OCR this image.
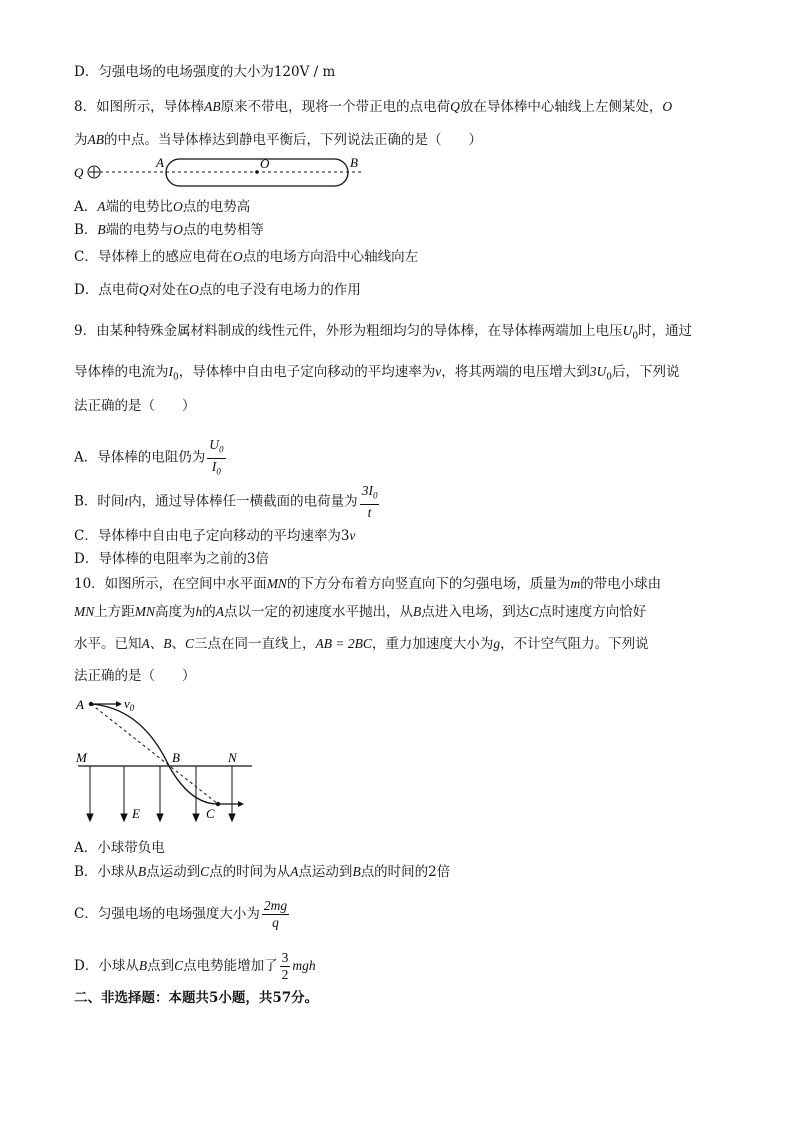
D．匀强电场的电场强度的大小为120V / m
8．如图所示，导体棒AB原来不带电，现将一个带正电的点电荷Q放在导体棒中心轴线上左侧某处，O
为AB的中点。当导体棒达到静电平衡后，下列说法正确的是（　　）
Q
A	O	B
A．A端的电势比O点的电势高
B．B端的电势与O点的电势相等
C．导体棒上的感应电荷在O点的电场方向沿中心轴线向左
D．点电荷Q对处在O点的电子没有电场力的作用
9．由某种特殊金属材料制成的线性元件，外形为粗细均匀的导体棒，在导体棒两端加上电压$U_0$时，通过
导体棒的电流为$I_0$，导体棒中自由电子定向移动的平均速率为v，将其两端的电压增大到$3U_0$后，下列说
法正确的是（　　）
A．导体棒的电阻仍为 $\frac{U_0}{I_0}$
B．时间t内，通过导体棒任一横截面的电荷量为 $\frac{3I_0}{t}$
C．导体棒中自由电子定向移动的平均速率为3v
D．导体棒的电阻率为之前的3倍
10．如图所示，在空间中水平面MN的下方分布着方向竖直向下的匀强电场，质量为m的带电小球由
MN上方距MN高度为h的A点以一定的初速度水平抛出，从B点进入电场，到达C点时速度方向恰好
水平。已知A、B、C三点在同一直线上，AB = 2BC，重力加速度大小为g，不计空气阻力。下列说
法正确的是（　　）
A	$v_0$
M	B	N
E	C
A．小球带负电
B．小球从B点运动到C点的时间为从A点运动到B点的时间的2倍
C．匀强电场的电场强度大小为 $\frac{2mg}{q}$
D．小球从B点到C点电势能增加了 $\frac{3}{2}$ mgh
二、非选择题：本题共5小题，共57分。
